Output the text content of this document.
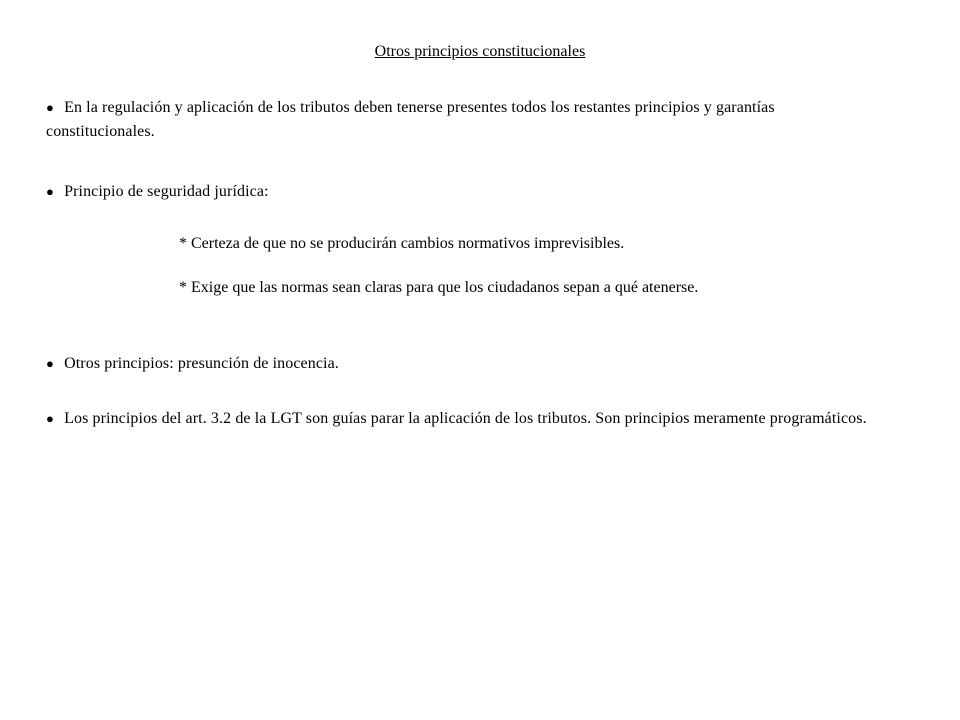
Otros principios constitucionales
● En la regulación y aplicación de los tributos deben tenerse presentes todos los restantes principios y garantías constitucionales.
● Principio de seguridad jurídica:
* Certeza de que no se producirán cambios normativos imprevisibles.
* Exige que las normas sean claras para que los ciudadanos sepan a qué atenerse.
● Otros principios: presunción de inocencia.
● Los principios del art. 3.2 de la LGT son guías parar la aplicación de los tributos. Son principios meramente programáticos.
